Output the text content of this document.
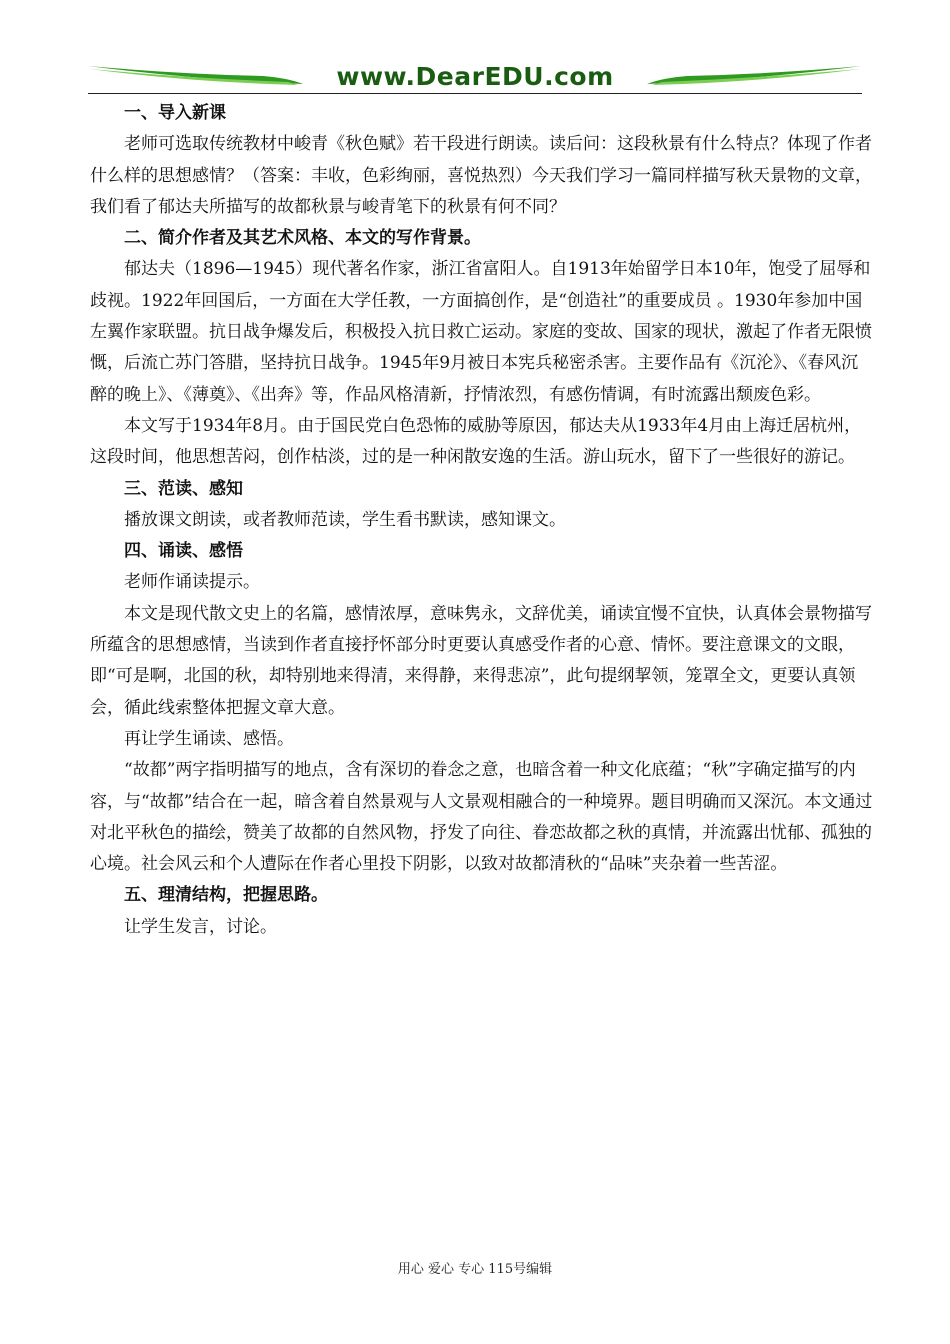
www.DearEDU.com
一、导入新课

老师可选取传统教材中峻青《秋色赋》若干段进行朗读。读后问：这段秋景有什么特点？体现了作者什么样的思想感情？（答案：丰收，色彩绚丽，喜悦热烈）今天我们学习一篇同样描写秋天景物的文章，我们看了郁达夫所描写的故都秋景与峻青笔下的秋景有何不同？

二、简介作者及其艺术风格、本文的写作背景。

郁达夫（1896—1945）现代著名作家，浙江省富阳人。自1913年始留学日本10年，饱受了屈辱和歧视。1922年回国后，一方面在大学任教，一方面搞创作，是“创造社”的重要成员 。1930年参加中国左翼作家联盟。抗日战争爆发后，积极投入抗日救亡运动。家庭的变故、国家的现状，激起了作者无限愤慨，后流亡苏门答腊，坚持抗日战争。1945年9月被日本宪兵秘密杀害。主要作品有《沉沦》、《春风沉醉的晚上》、《薄奠》、《出奔》等，作品风格清新，抒情浓烈，有感伤情调，有时流露出颓废色彩。

本文写于1934年8月。由于国民党白色恐怖的威胁等原因，郁达夫从1933年4月由上海迁居杭州，这段时间，他思想苦闷，创作枯淡，过的是一种闲散安逸的生活。游山玩水，留下了一些很好的游记。

三、范读、感知

播放课文朗读，或者教师范读，学生看书默读，感知课文。

四、诵读、感悟

老师作诵读提示。

本文是现代散文史上的名篇，感情浓厚，意味隽永，文辞优美，诵读宜慢不宜快，认真体会景物描写所蕴含的思想感情，当读到作者直接抒怀部分时更要认真感受作者的心意、情怀。要注意课文的文眼，即“可是啊，北国的秋，却特别地来得清，来得静，来得悲凉”，此句提纲挈领，笼罩全文，更要认真领会，循此线索整体把握文章大意。

再让学生诵读、感悟。

“故都”两字指明描写的地点，含有深切的眷念之意，也暗含着一种文化底蕴；“秋”字确定描写的内容，与“故都”结合在一起，暗含着自然景观与人文景观相融合的一种境界。题目明确而又深沉。本文通过对北平秋色的描绘，赞美了故都的自然风物，抒发了向往、眷恋故都之秋的真情，并流露出忧郁、孤独的心境。社会风云和个人遭际在作者心里投下阴影，以致对故都清秋的“品味”夹杂着一些苦涩。

五、理清结构，把握思路。

让学生发言，讨论。

用心 爱心 专心 115号编辑
